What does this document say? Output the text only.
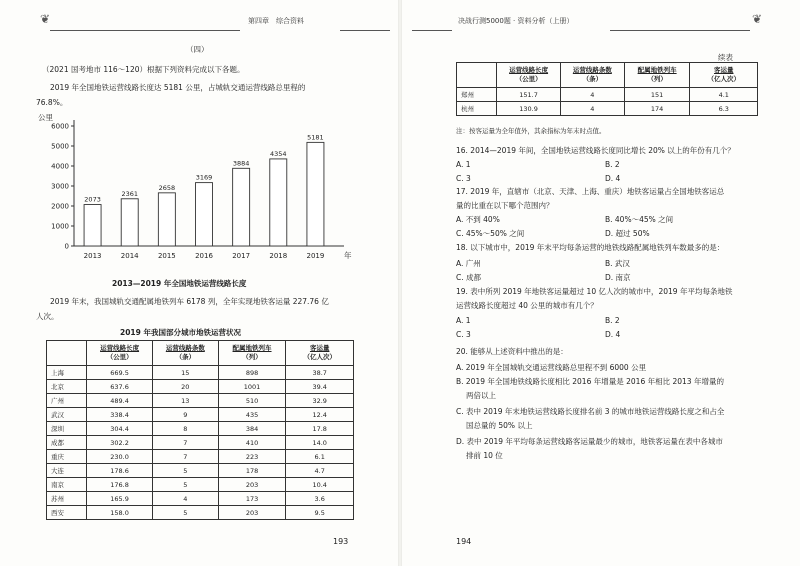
❦	第四章　综合资料
（四）
（2021 国考地市 116～120）根据下列资料完成以下各题。
2019 年全国地铁运营线路长度达 5181 公里，占城轨交通运营线路总里程的
76.8%。
公里
0
1000
2000
3000
4000
5000
6000
2073
2013
2361
2014
2658
2015
3169
2016
3884
2017
4354
2018
5181
2019	年
2013—2019 年全国地铁运营线路长度
2019 年末，我国城轨交通配属地铁列车 6178 列，全年实现地铁客运量 227.76 亿
人次。
2019 年我国部分城市地铁运营状况
	运营线路长度
（公里）	运营线路条数
（条）	配属地铁列车
（列）	客运量
（亿人次）
上海	669.5	15	898	38.7
北京	637.6	20	1001	39.4
广州	489.4	13	510	32.9
武汉	338.4	9	435	12.4
深圳	304.4	8	384	17.8
成都	302.2	7	410	14.0
重庆	230.0	7	223	6.1
大连	178.6	5	178	4.7
南京	176.8	5	203	10.4
苏州	165.9	4	173	3.6
西安	158.0	5	203	9.5
193
决战行测5000题 · 资料分析（上册）	❦
续表
	运营线路长度
（公里）	运营线路条数
（条）	配属地铁列车
（列）	客运量
（亿人次）
郑州	151.7	4	151	4.1
杭州	130.9	4	174	6.3
注：按客运量为全年值外，其余指标为年末时点值。
16. 2014—2019 年间，全国地铁运营线路长度同比增长 20% 以上的年份有几个？
A. 1	B. 2
C. 3	D. 4
17. 2019 年，直辖市（北京、天津、上海、重庆）地铁客运量占全国地铁客运总
量的比重在以下哪个范围内？
A. 不到 40%	B. 40%～45% 之间
C. 45%～50% 之间	D. 超过 50%
18. 以下城市中，2019 年末平均每条运营的地铁线路配属地铁列车数最多的是：
A. 广州	B. 武汉
C. 成都	D. 南京
19. 表中所列 2019 年地铁客运量超过 10 亿人次的城市中，2019 年平均每条地铁
运营线路长度超过 40 公里的城市有几个？
A. 1	B. 2
C. 3	D. 4
20. 能够从上述资料中推出的是：
A. 2019 年全国城轨交通运营线路总里程不到 6000 公里
B. 2019 年全国地铁线路长度相比 2016 年增量是 2016 年相比 2013 年增量的
两倍以上
C. 表中 2019 年末地铁运营线路长度排名前 3 的城市地铁运营线路长度之和占全
国总量的 50% 以上
D. 表中 2019 年平均每条运营线路客运量最少的城市，地铁客运量在表中各城市
排前 10 位
194
